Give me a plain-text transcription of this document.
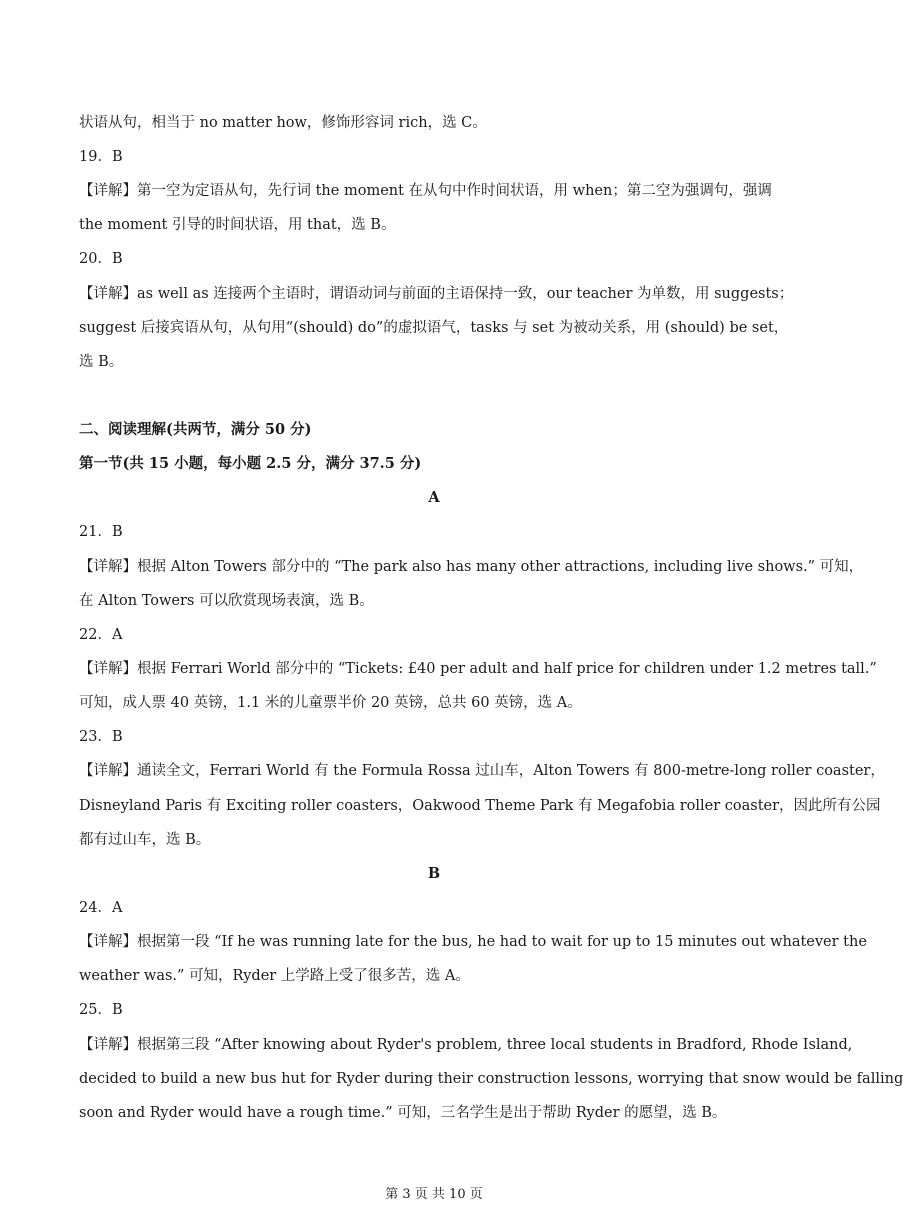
状语从句，相当于 no matter how，修饰形容词 rich，选 C。
19．B
【详解】第一空为定语从句，先行词 the moment 在从句中作时间状语，用 when；第二空为强调句，强调
the moment 引导的时间状语，用 that，选 B。
20．B
【详解】as well as 连接两个主语时，谓语动词与前面的主语保持一致，our teacher 为单数，用 suggests；
suggest 后接宾语从句，从句用“(should) do”的虚拟语气，tasks 与 set 为被动关系，用 (should) be set，
选 B。
二、阅读理解(共两节，满分 50 分)
第一节(共 15 小题，每小题 2.5 分，满分 37.5 分)
A
21．B
【详解】根据 Alton Towers 部分中的 “The park also has many other attractions, including live shows.” 可知，
在 Alton Towers 可以欣赏现场表演，选 B。
22．A
【详解】根据 Ferrari World 部分中的 “Tickets: £40 per adult and half price for children under 1.2 metres tall.”
可知，成人票 40 英镑，1.1 米的儿童票半价 20 英镑，总共 60 英镑，选 A。
23．B
【详解】通读全文，Ferrari World 有 the Formula Rossa 过山车，Alton Towers 有 800-metre-long roller coaster，
Disneyland Paris 有 Exciting roller coasters，Oakwood Theme Park 有 Megafobia roller coaster，因此所有公园
都有过山车，选 B。
B
24．A
【详解】根据第一段 “If he was running late for the bus, he had to wait for up to 15 minutes out whatever the
weather was.” 可知，Ryder 上学路上受了很多苦，选 A。
25．B
【详解】根据第三段 “After knowing about Ryder's problem, three local students in Bradford, Rhode Island,
decided to build a new bus hut for Ryder during their construction lessons, worrying that snow would be falling
soon and Ryder would have a rough time.” 可知，三名学生是出于帮助 Ryder 的愿望，选 B。
第 3 页 共 10 页
